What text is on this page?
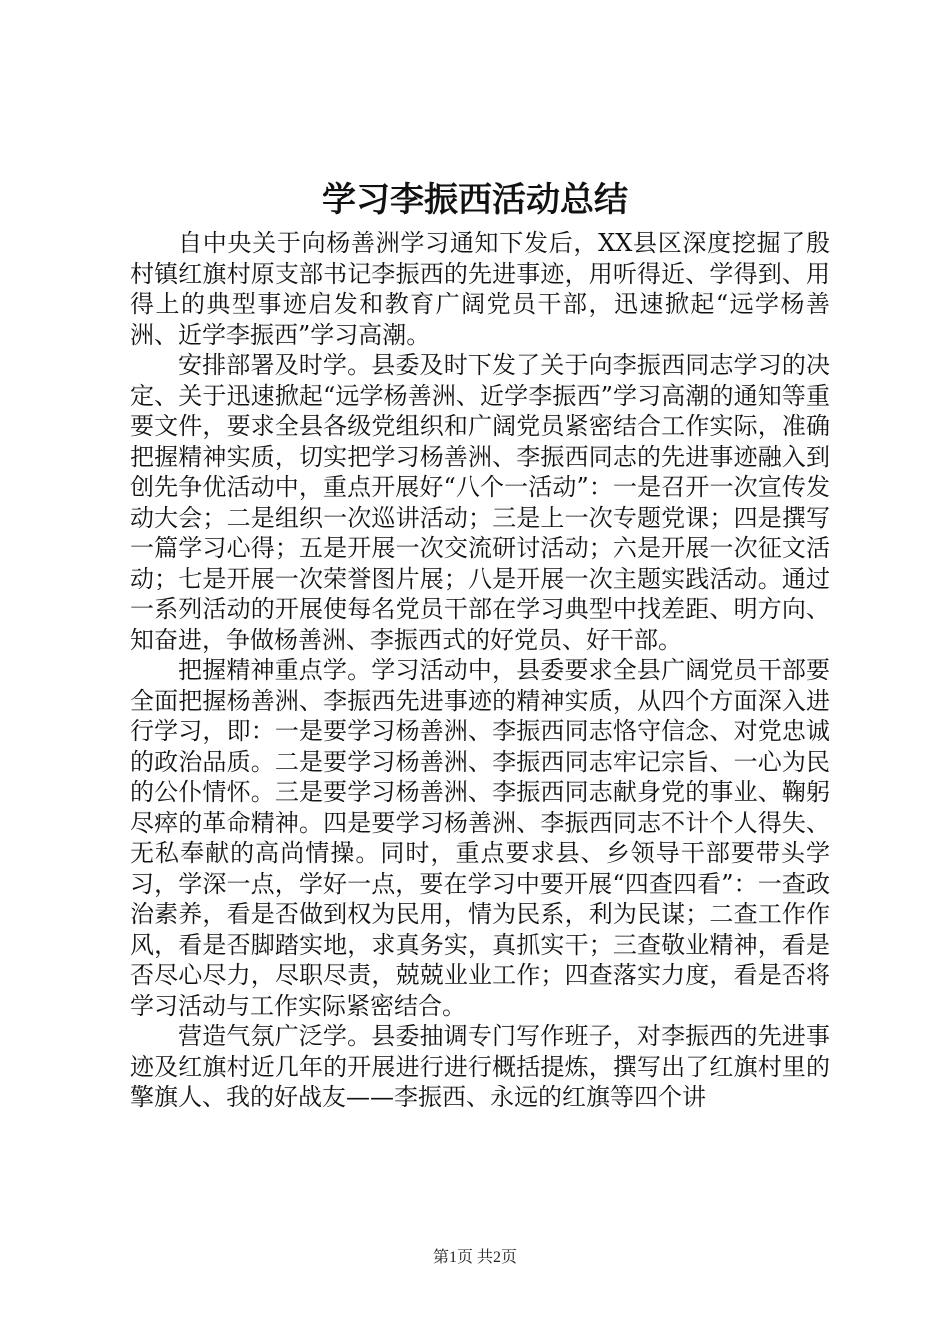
学习李振西活动总结

自中央关于向杨善洲学习通知下发后，XX县区深度挖掘了殷村镇红旗村原支部书记李振西的先进事迹，用听得近、学得到、用得上的典型事迹启发和教育广阔党员干部，迅速掀起“远学杨善洲、近学李振西”学习高潮。

安排部署及时学。县委及时下发了关于向李振西同志学习的决定、关于迅速掀起“远学杨善洲、近学李振西”学习高潮的通知等重要文件，要求全县各级党组织和广阔党员紧密结合工作实际，准确把握精神实质，切实把学习杨善洲、李振西同志的先进事迹融入到创先争优活动中，重点开展好“八个一活动”：一是召开一次宣传发动大会；二是组织一次巡讲活动；三是上一次专题党课；四是撰写一篇学习心得；五是开展一次交流研讨活动；六是开展一次征文活动；七是开展一次荣誉图片展；八是开展一次主题实践活动。通过一系列活动的开展使每名党员干部在学习典型中找差距、明方向、知奋进，争做杨善洲、李振西式的好党员、好干部。

把握精神重点学。学习活动中，县委要求全县广阔党员干部要全面把握杨善洲、李振西先进事迹的精神实质，从四个方面深入进行学习，即：一是要学习杨善洲、李振西同志恪守信念、对党忠诚的政治品质。二是要学习杨善洲、李振西同志牢记宗旨、一心为民的公仆情怀。三是要学习杨善洲、李振西同志献身党的事业、鞠躬尽瘁的革命精神。四是要学习杨善洲、李振西同志不计个人得失、无私奉献的高尚情操。同时，重点要求县、乡领导干部要带头学习，学深一点，学好一点，要在学习中要开展“四查四看”：一查政治素养，看是否做到权为民用，情为民系，利为民谋；二查工作作风，看是否脚踏实地，求真务实，真抓实干；三查敬业精神，看是否尽心尽力，尽职尽责，兢兢业业工作；四查落实力度，看是否将学习活动与工作实际紧密结合。

营造气氛广泛学。县委抽调专门写作班子，对李振西的先进事迹及红旗村近几年的开展进行进行概括提炼，撰写出了红旗村里的擎旗人、我的好战友——李振西、永远的红旗等四个讲

第1页 共2页
